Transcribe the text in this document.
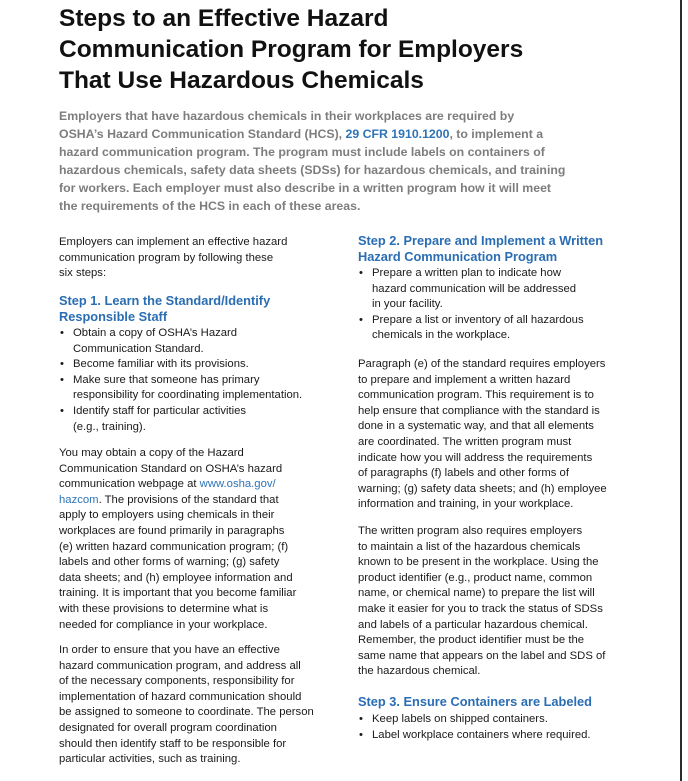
Steps to an Effective Hazard
Communication Program for Employers
That Use Hazardous Chemicals

Employers that have hazardous chemicals in their workplaces are required by
OSHA’s Hazard Communication Standard (HCS), 29 CFR 1910.1200, to implement a
hazard communication program. The program must include labels on containers of
hazardous chemicals, safety data sheets (SDSs) for hazardous chemicals, and training
for workers. Each employer must also describe in a written program how it will meet
the requirements of the HCS in each of these areas.

Employers can implement an effective hazard
communication program by following these
six steps:

Step 1. Learn the Standard/Identify
Responsible Staff
• Obtain a copy of OSHA’s Hazard
Communication Standard.
• Become familiar with its provisions.
• Make sure that someone has primary
responsibility for coordinating implementation.
• Identify staff for particular activities
(e.g., training).

You may obtain a copy of the Hazard
Communication Standard on OSHA’s hazard
communication webpage at www.osha.gov/
hazcom. The provisions of the standard that
apply to employers using chemicals in their
workplaces are found primarily in paragraphs
(e) written hazard communication program; (f)
labels and other forms of warning; (g) safety
data sheets; and (h) employee information and
training. It is important that you become familiar
with these provisions to determine what is
needed for compliance in your workplace.

In order to ensure that you have an effective
hazard communication program, and address all
of the necessary components, responsibility for
implementation of hazard communication should
be assigned to someone to coordinate. The person
designated for overall program coordination
should then identify staff to be responsible for
particular activities, such as training.

Step 2. Prepare and Implement a Written
Hazard Communication Program
• Prepare a written plan to indicate how
hazard communication will be addressed
in your facility.
• Prepare a list or inventory of all hazardous
chemicals in the workplace.

Paragraph (e) of the standard requires employers
to prepare and implement a written hazard
communication program. This requirement is to
help ensure that compliance with the standard is
done in a systematic way, and that all elements
are coordinated. The written program must
indicate how you will address the requirements
of paragraphs (f) labels and other forms of
warning; (g) safety data sheets; and (h) employee
information and training, in your workplace.

The written program also requires employers
to maintain a list of the hazardous chemicals
known to be present in the workplace. Using the
product identifier (e.g., product name, common
name, or chemical name) to prepare the list will
make it easier for you to track the status of SDSs
and labels of a particular hazardous chemical.
Remember, the product identifier must be the
same name that appears on the label and SDS of
the hazardous chemical.

Step 3. Ensure Containers are Labeled
• Keep labels on shipped containers.
• Label workplace containers where required.
